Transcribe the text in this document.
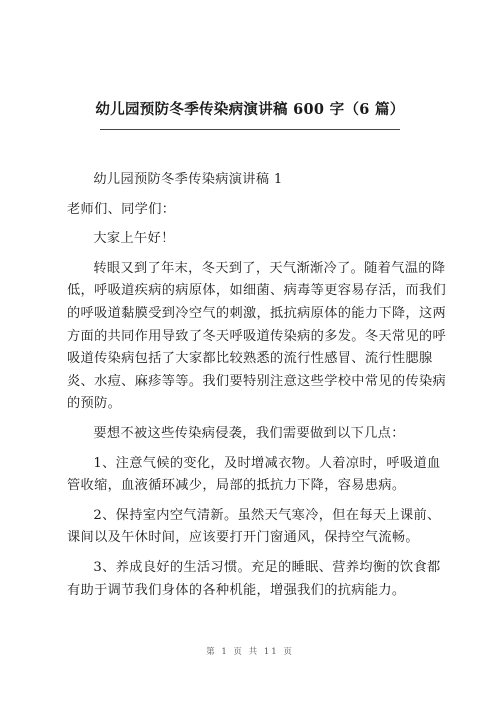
幼儿园预防冬季传染病演讲稿 600 字（6 篇）

幼儿园预防冬季传染病演讲稿 1

老师们、同学们：

大家上午好！

转眼又到了年末，冬天到了，天气渐渐冷了。随着气温的降低，呼吸道疾病的病原体，如细菌、病毒等更容易存活，而我们的呼吸道黏膜受到冷空气的刺激，抵抗病原体的能力下降，这两方面的共同作用导致了冬天呼吸道传染病的多发。冬天常见的呼吸道传染病包括了大家都比较熟悉的流行性感冒、流行性腮腺炎、水痘、麻疹等等。我们要特别注意这些学校中常见的传染病的预防。

要想不被这些传染病侵袭，我们需要做到以下几点：

1、注意气候的变化，及时增减衣物。人着凉时，呼吸道血管收缩，血液循环减少，局部的抵抗力下降，容易患病。

2、保持室内空气清新。虽然天气寒冷，但在每天上课前、课间以及午休时间，应该要打开门窗通风，保持空气流畅。

3、养成良好的生活习惯。充足的睡眠、营养均衡的饮食都有助于调节我们身体的各种机能，增强我们的抗病能力。

第 1 页 共 11 页
